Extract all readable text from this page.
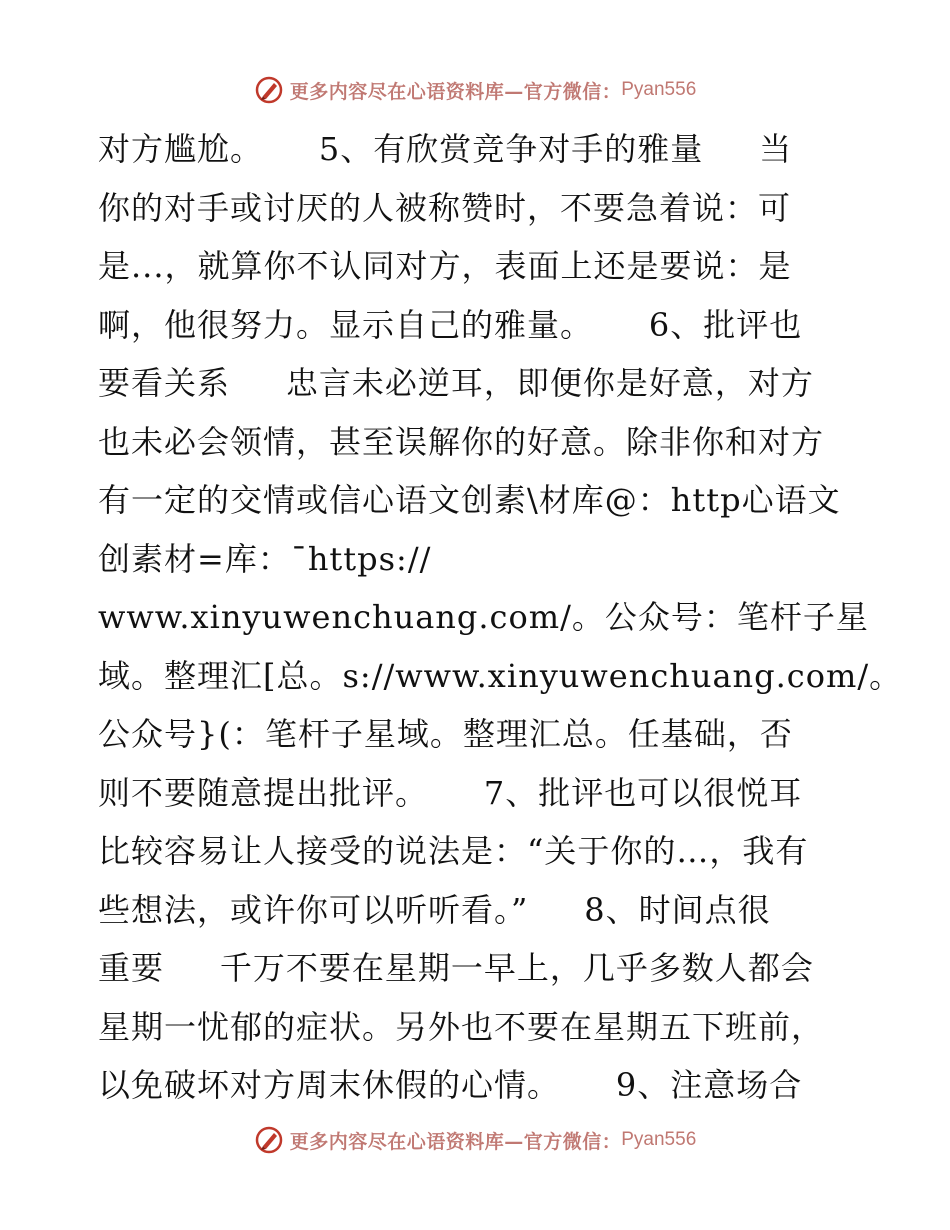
更多内容尽在心语资料库—官方微信： Pyan556
对方尴尬。     5、有欣赏竞争对手的雅量     当
你的对手或讨厌的人被称赞时，不要急着说：可
是...，就算你不认同对方，表面上还是要说：是
啊，他很努力。显示自己的雅量。     6、批评也
要看关系     忠言未必逆耳，即便你是好意，对方
也未必会领情，甚至误解你的好意。除非你和对方
有一定的交情或信心语文创素\材库@：http心语文
创素材=库：¯https://
www.xinyuwenchuang.com/。公众号：笔杆子星
域。整理汇[总。s://www.xinyuwenchuang.com/。
公众号}(：笔杆子星域。整理汇总。任基础，否
则不要随意提出批评。     7、批评也可以很悦耳
比较容易让人接受的说法是：“关于你的…，我有
些想法，或许你可以听听看。”     8、时间点很
重要     千万不要在星期一早上，几乎多数人都会
星期一忧郁的症状。另外也不要在星期五下班前，
以免破坏对方周末休假的心情。     9、注意场合
更多内容尽在心语资料库—官方微信： Pyan556
